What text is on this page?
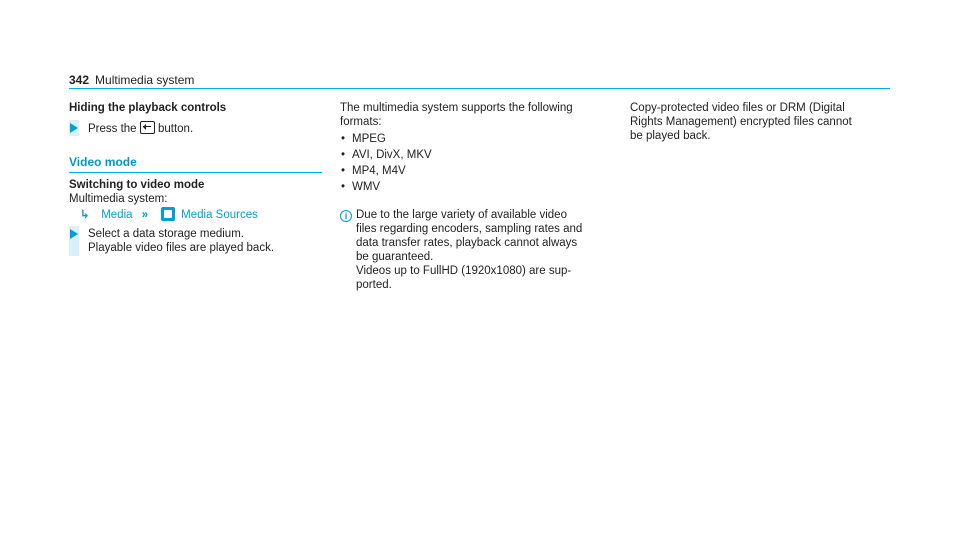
342 Multimedia system
Hiding the playback controls
Press the button.
Video mode
Switching to video mode
Multimedia system:
↳ Media »	Media Sources
Select a data storage medium.
Playable video files are played back.
The multimedia system supports the following
formats:
• MPEG
• AVI, DivX, MKV
• MP4, M4V
• WMV
i Due to the large variety of available video
files regarding encoders, sampling rates and
data transfer rates, playback cannot always
be guaranteed.
Videos up to FullHD (1920x1080) are sup-
ported.
Copy-protected video files or DRM (Digital
Rights Management) encrypted files cannot
be played back.
